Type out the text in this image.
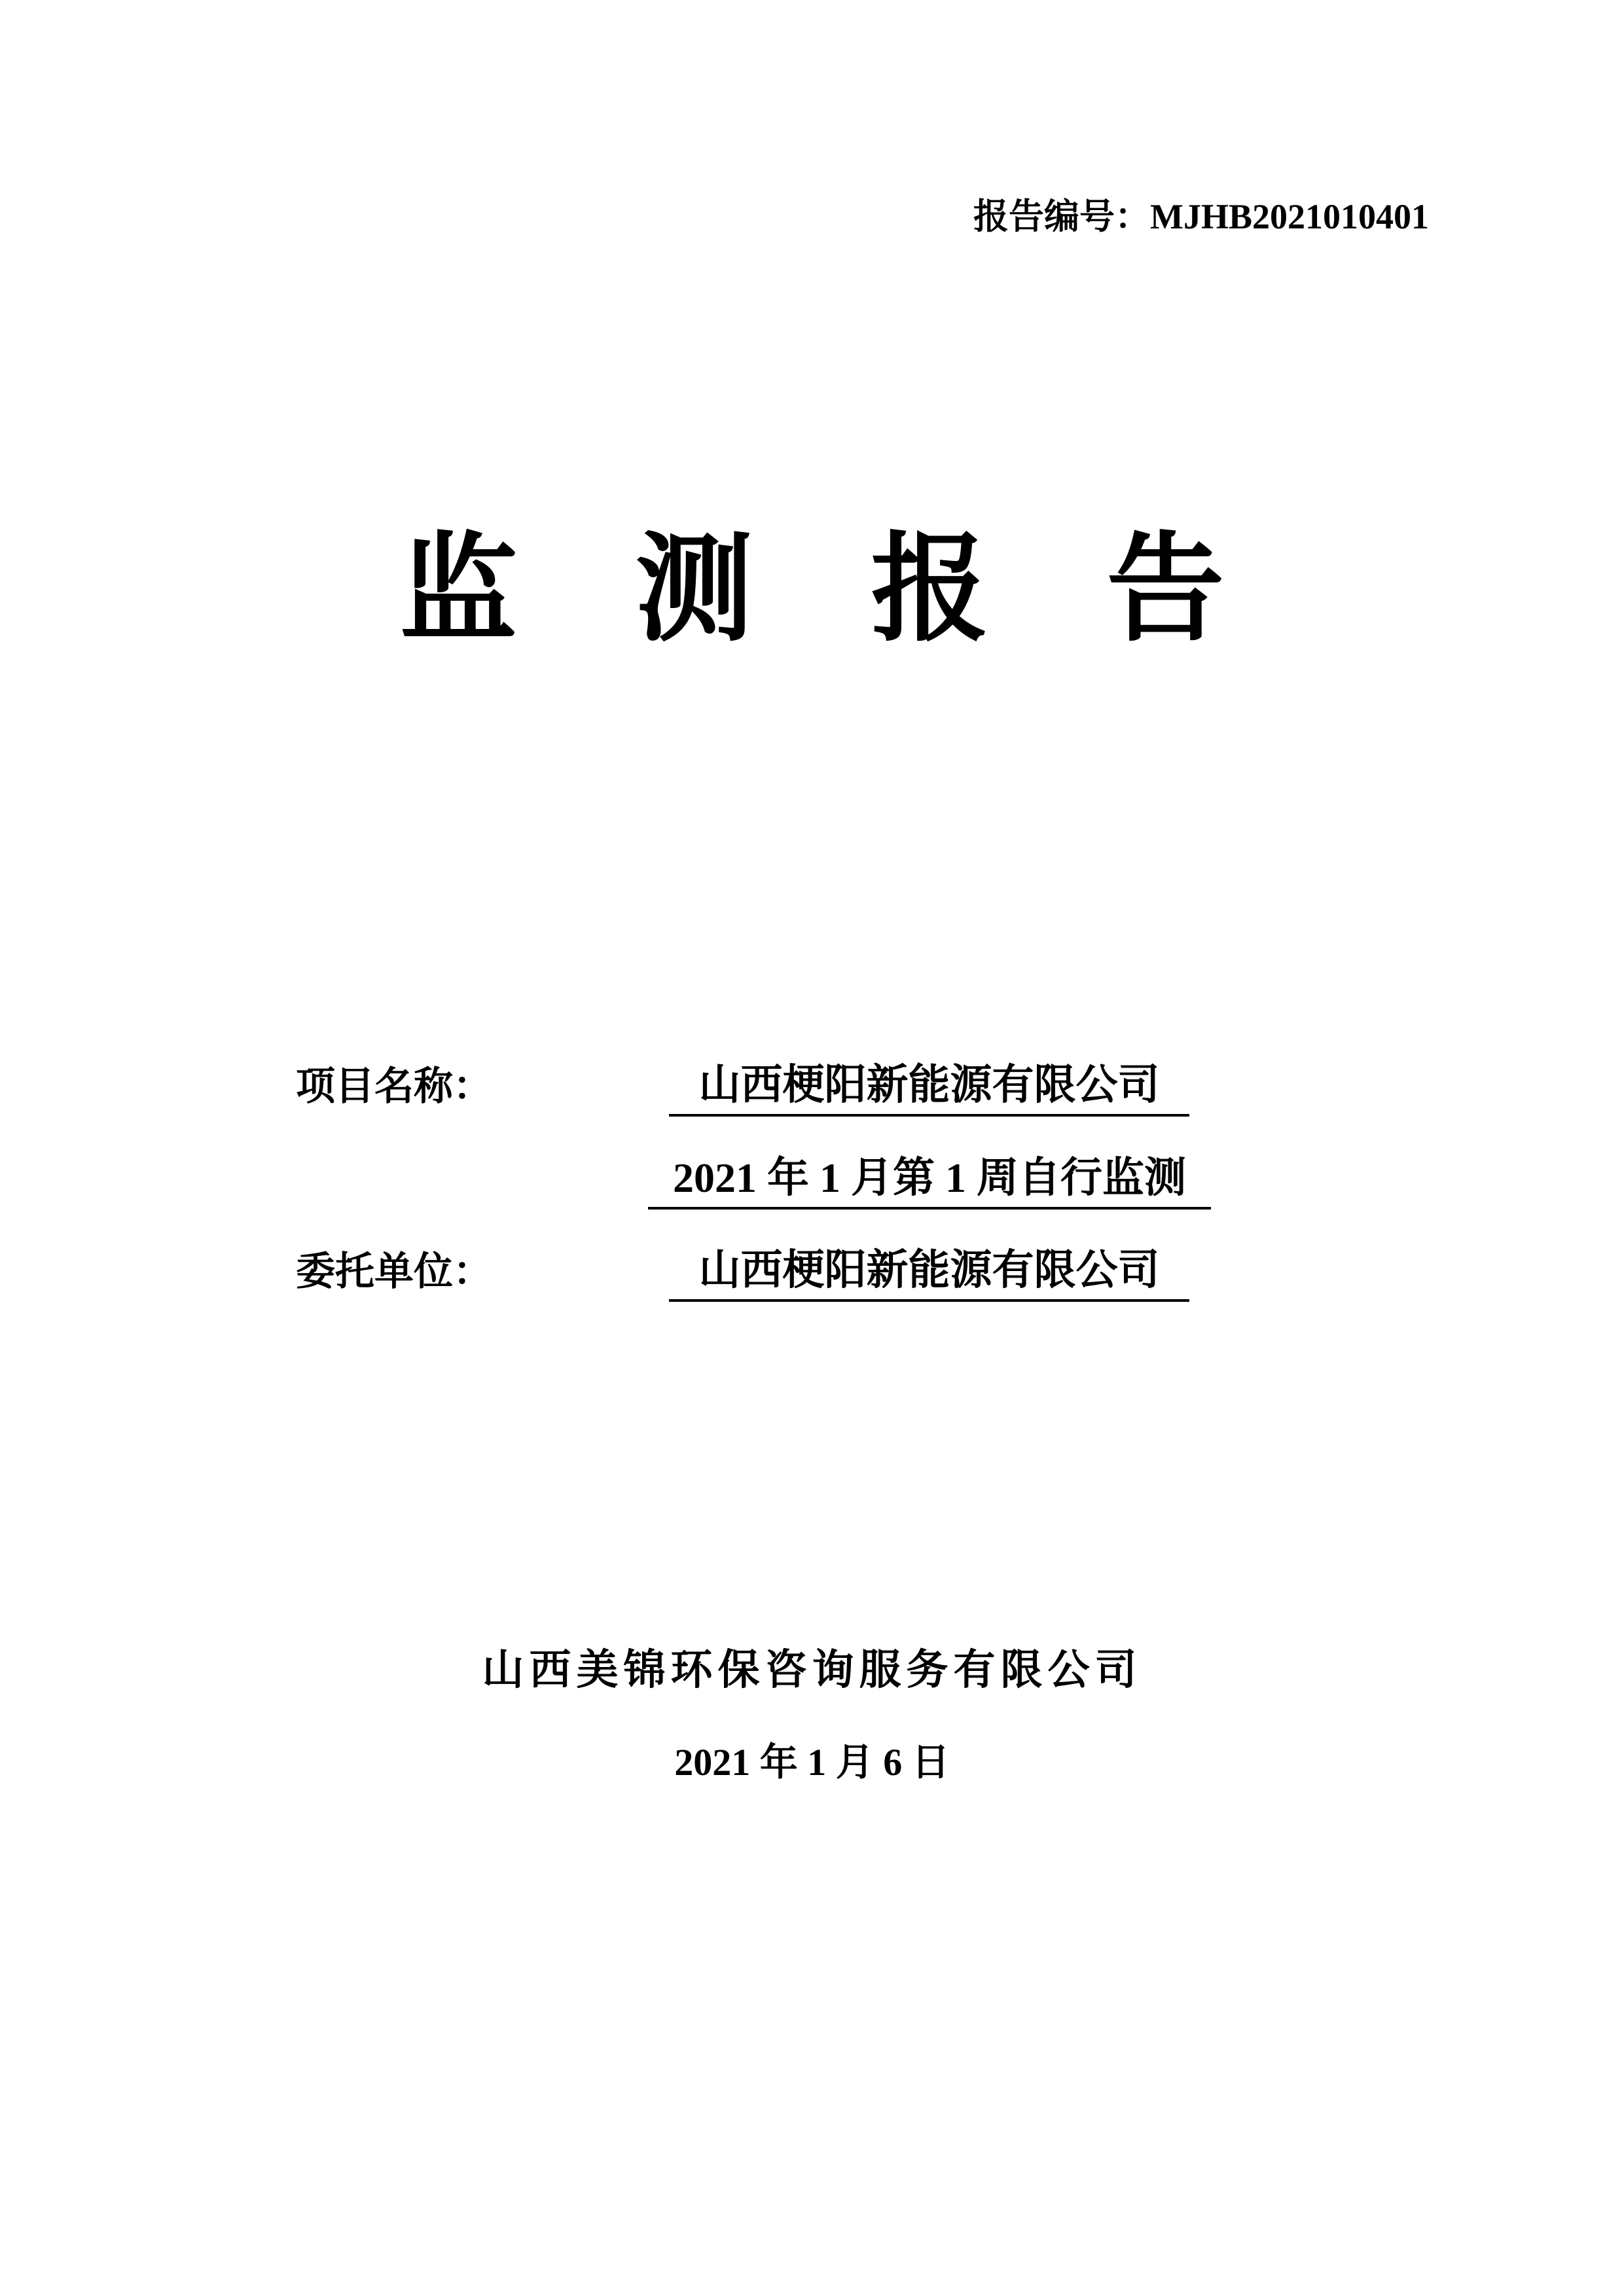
报告编号：MJHB2021010401
监　测　报　告
项目名称：	山西梗阳新能源有限公司
2021 年 1 月第 1 周自行监测
委托单位：	山西梗阳新能源有限公司
山西美锦环保咨询服务有限公司
2021 年 1 月 6 日
